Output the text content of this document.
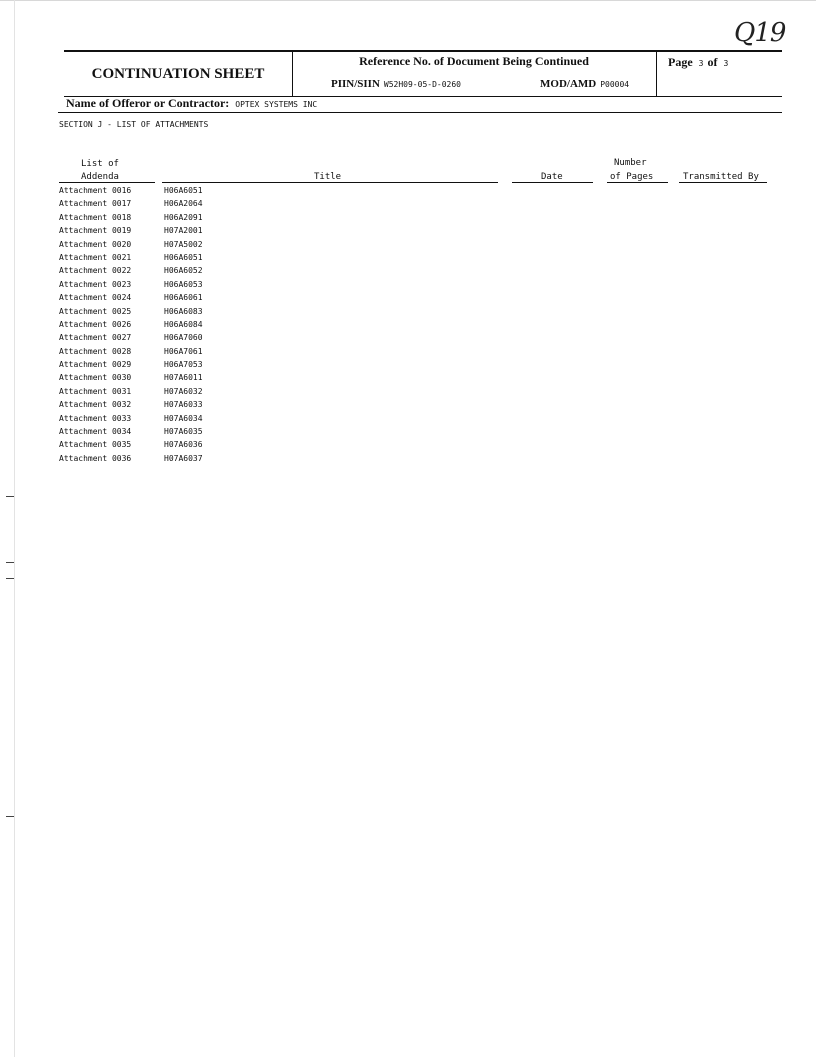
Q19
CONTINUATION SHEET
Reference No. of Document Being Continued
PIIN/SIIN W52H09-05-D-0260	MOD/AMD P00004
Page 3 of 3
Name of Offeror or Contractor: OPTEX SYSTEMS INC
SECTION J - LIST OF ATTACHMENTS
List of
Addenda	Title	Date
Number
of Pages	Transmitted By
Attachment 0016	H06A6051
Attachment 0017	H06A2064
Attachment 0018	H06A2091
Attachment 0019	H07A2001
Attachment 0020	H07A5002
Attachment 0021	H06A6051
Attachment 0022	H06A6052
Attachment 0023	H06A6053
Attachment 0024	H06A6061
Attachment 0025	H06A6083
Attachment 0026	H06A6084
Attachment 0027	H06A7060
Attachment 0028	H06A7061
Attachment 0029	H06A7053
Attachment 0030	H07A6011
Attachment 0031	H07A6032
Attachment 0032	H07A6033
Attachment 0033	H07A6034
Attachment 0034	H07A6035
Attachment 0035	H07A6036
Attachment 0036	H07A6037
